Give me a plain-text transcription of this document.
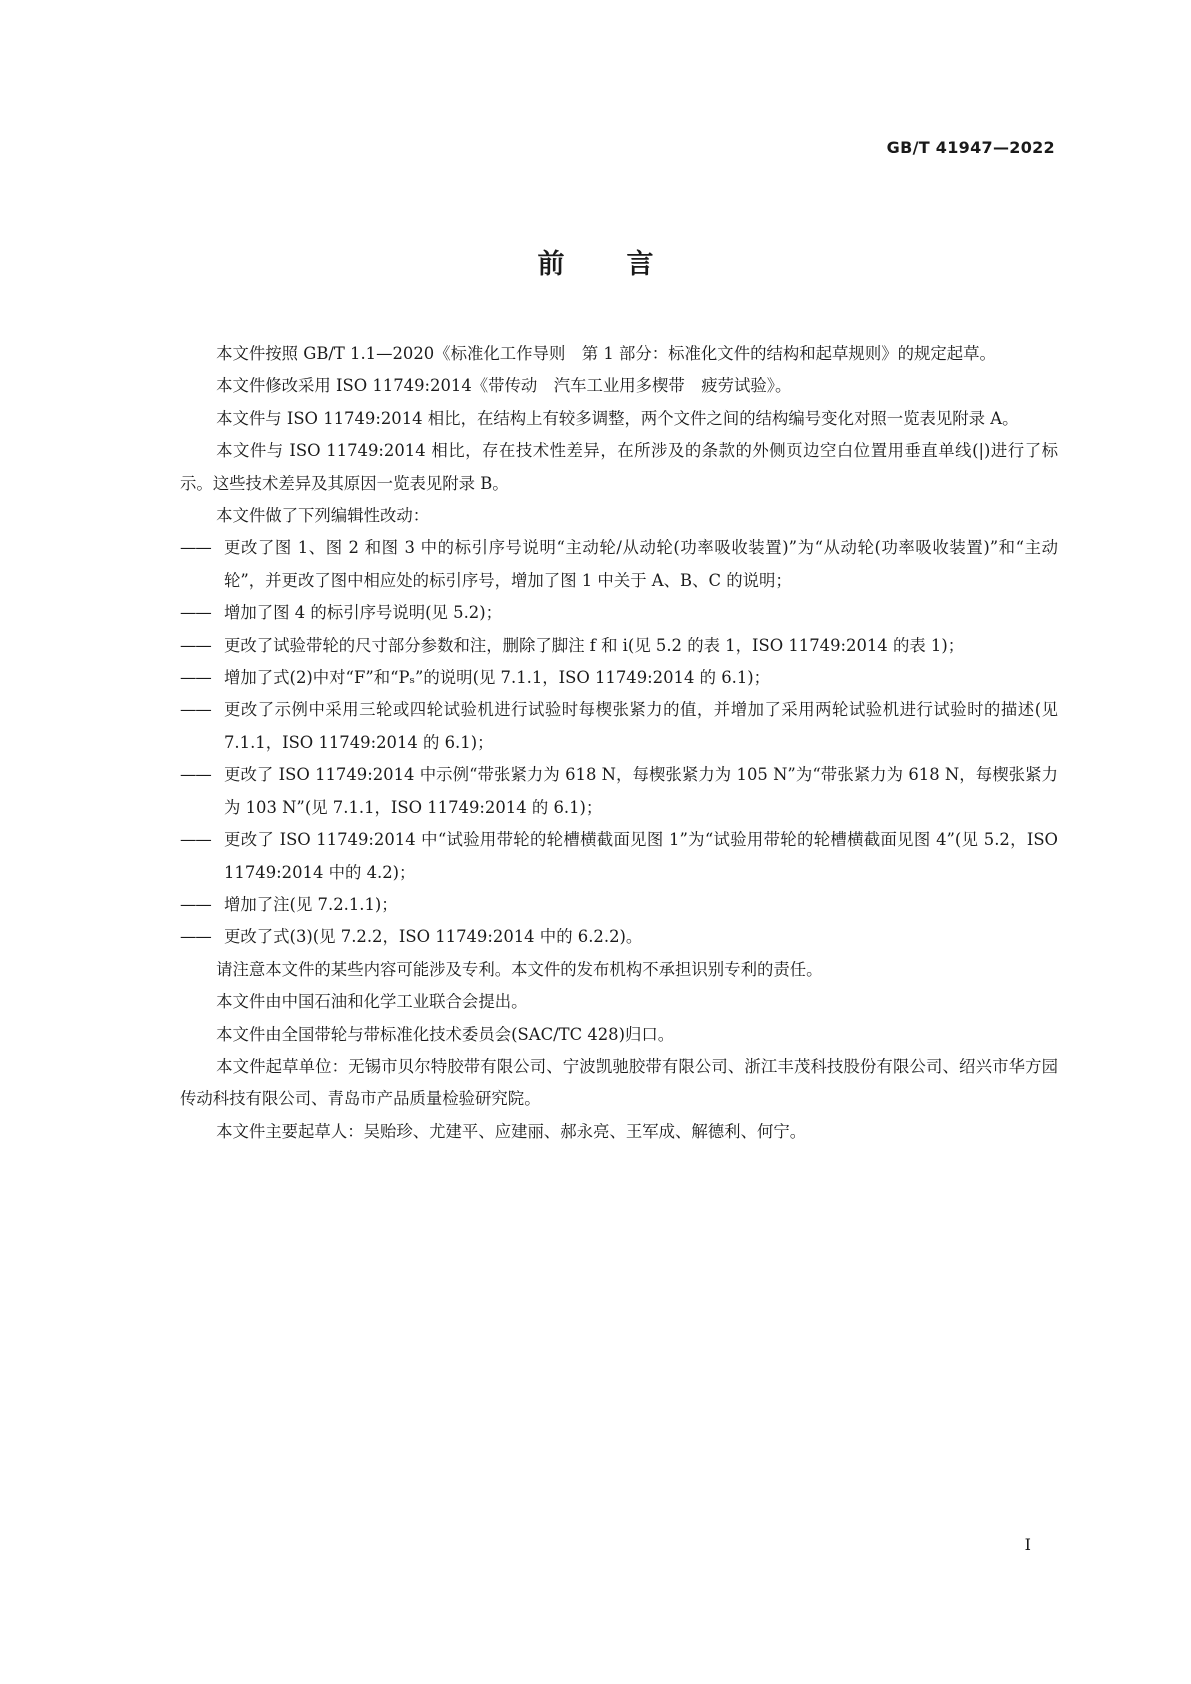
GB/T 41947—2022

前言

本文件按照 GB/T 1.1—2020《标准化工作导则　第 1 部分：标准化文件的结构和起草规则》的规定起草。

本文件修改采用 ISO 11749:2014《带传动　汽车工业用多楔带　疲劳试验》。

本文件与 ISO 11749:2014 相比，在结构上有较多调整，两个文件之间的结构编号变化对照一览表见附录 A。

本文件与 ISO 11749:2014 相比，存在技术性差异，在所涉及的条款的外侧页边空白位置用垂直单线(|)进行了标示。这些技术差异及其原因一览表见附录 B。

本文件做了下列编辑性改动：

—— 更改了图 1、图 2 和图 3 中的标引序号说明“主动轮/从动轮(功率吸收装置)”为“从动轮(功率吸收装置)”和“主动轮”，并更改了图中相应处的标引序号，增加了图 1 中关于 A、B、C 的说明；

—— 增加了图 4 的标引序号说明(见 5.2)；

—— 更改了试验带轮的尺寸部分参数和注，删除了脚注 f 和 i(见 5.2 的表 1，ISO 11749:2014 的表 1)；

—— 增加了式(2)中对“F”和“Pₛ”的说明(见 7.1.1，ISO 11749:2014 的 6.1)；

—— 更改了示例中采用三轮或四轮试验机进行试验时每楔张紧力的值，并增加了采用两轮试验机进行试验时的描述(见 7.1.1，ISO 11749:2014 的 6.1)；

—— 更改了 ISO 11749:2014 中示例“带张紧力为 618 N，每楔张紧力为 105 N”为“带张紧力为 618 N，每楔张紧力为 103 N”(见 7.1.1，ISO 11749:2014 的 6.1)；

—— 更改了 ISO 11749:2014 中“试验用带轮的轮槽横截面见图 1”为“试验用带轮的轮槽横截面见图 4”(见 5.2，ISO 11749:2014 中的 4.2)；

—— 增加了注(见 7.2.1.1)；

—— 更改了式(3)(见 7.2.2，ISO 11749:2014 中的 6.2.2)。

请注意本文件的某些内容可能涉及专利。本文件的发布机构不承担识别专利的责任。

本文件由中国石油和化学工业联合会提出。

本文件由全国带轮与带标准化技术委员会(SAC/TC 428)归口。

本文件起草单位：无锡市贝尔特胶带有限公司、宁波凯驰胶带有限公司、浙江丰茂科技股份有限公司、绍兴市华方园传动科技有限公司、青岛市产品质量检验研究院。

本文件主要起草人：吴贻珍、尤建平、应建丽、郝永亮、王军成、解德利、何宁。

I
